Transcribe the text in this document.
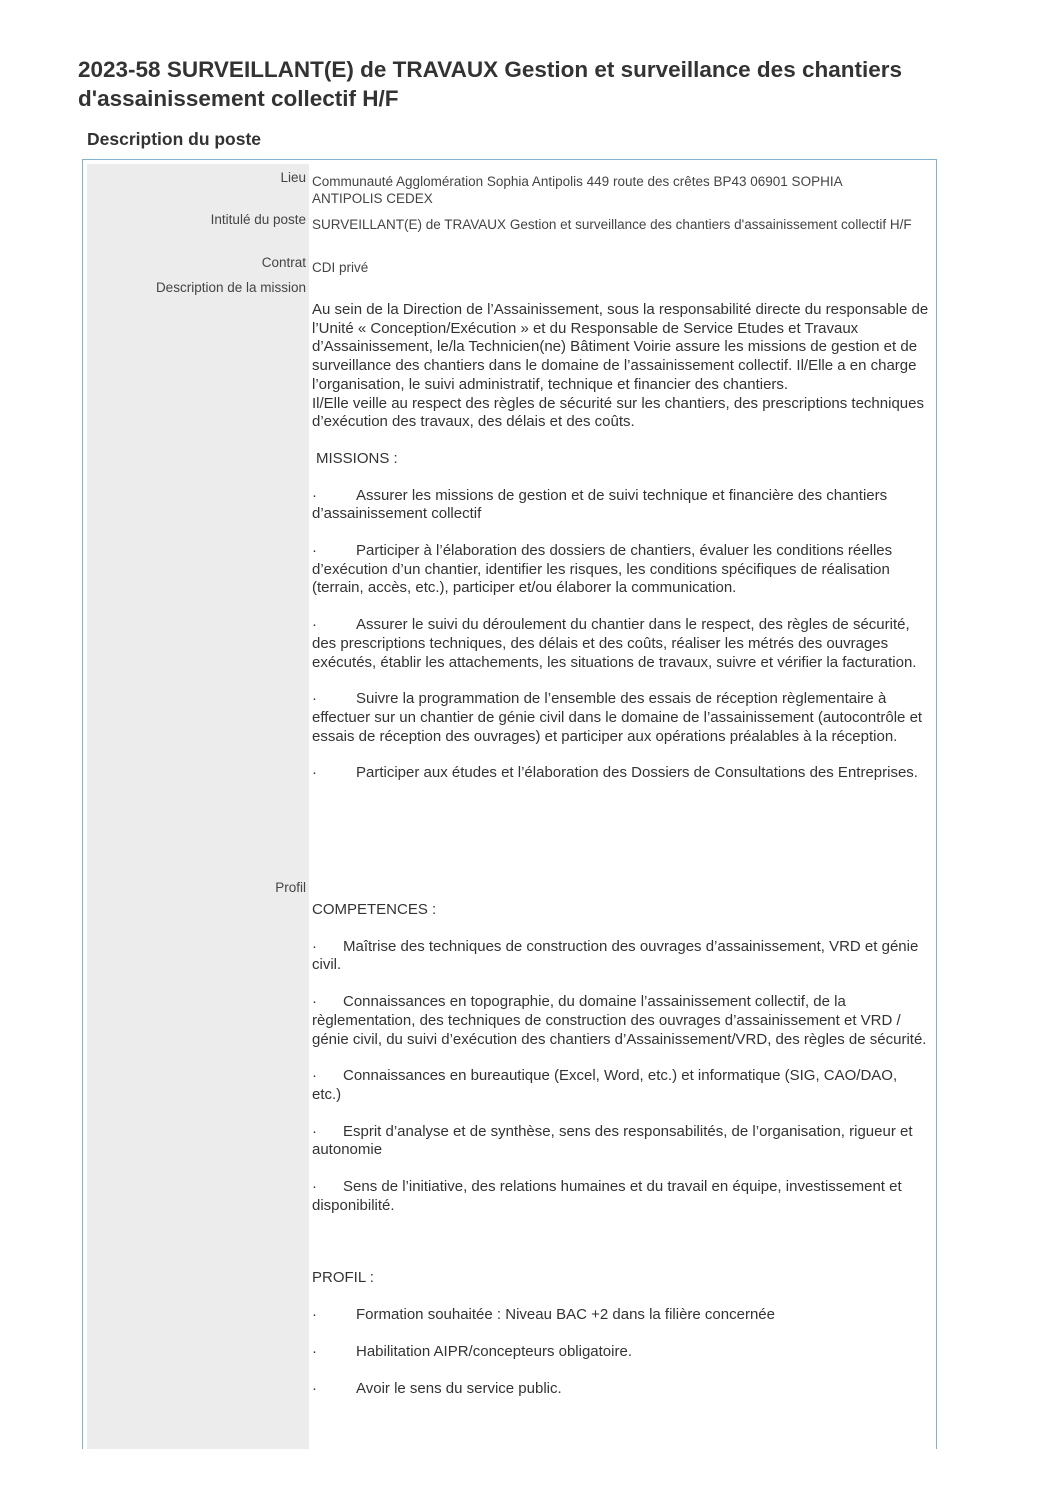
2023-58 SURVEILLANT(E) de TRAVAUX Gestion et surveillance des chantiers d'assainissement collectif H/F
Description du poste
Lieu Communauté Agglomération Sophia Antipolis 449 route des crêtes BP43 06901 SOPHIA ANTIPOLIS CEDEX
Intitulé du poste SURVEILLANT(E) de TRAVAUX Gestion et surveillance des chantiers d'assainissement collectif H/F
Contrat CDI privé
Description de la mission
Au sein de la Direction de l’Assainissement, sous la responsabilité directe du responsable de l’Unité « Conception/Exécution » et du Responsable de Service Etudes et Travaux d’Assainissement, le/la Technicien(ne) Bâtiment Voirie assure les missions de gestion et de surveillance des chantiers dans le domaine de l’assainissement collectif. Il/Elle a en charge l’organisation, le suivi administratif, technique et financier des chantiers.

Il/Elle veille au respect des règles de sécurité sur les chantiers, des prescriptions techniques d’exécution des travaux, des délais et des coûts.

MISSIONS :

·	Assurer les missions de gestion et de suivi technique et financière des chantiers d’assainissement collectif
·	Participer à l’élaboration des dossiers de chantiers, évaluer les conditions réelles d’exécution d’un chantier, identifier les risques, les conditions spécifiques de réalisation (terrain, accès, etc.), participer et/ou élaborer la communication.
·	Assurer le suivi du déroulement du chantier dans le respect, des règles de sécurité, des prescriptions techniques, des délais et des coûts, réaliser les métrés des ouvrages exécutés, établir les attachements, les situations de travaux, suivre et vérifier la facturation.
·	Suivre la programmation de l’ensemble des essais de réception règlementaire à effectuer sur un chantier de génie civil dans le domaine de l’assainissement (autocontrôle et essais de réception des ouvrages) et participer aux opérations préalables à la réception.
·	Participer aux études et l’élaboration des Dossiers de Consultations des Entreprises.
Profil

COMPETENCES :

· Maîtrise des techniques de construction des ouvrages d’assainissement, VRD et génie civil.
· Connaissances en topographie, du domaine l’assainissement collectif, de la règlementation, des techniques de construction des ouvrages d’assainissement et VRD / génie civil, du suivi d’exécution des chantiers d’Assainissement/VRD, des règles de sécurité.
· Connaissances en bureautique (Excel, Word, etc.) et informatique (SIG, CAO/DAO, etc.)
· Esprit d’analyse et de synthèse, sens des responsabilités, de l’organisation, rigueur et autonomie
· Sens de l’initiative, des relations humaines et du travail en équipe, investissement et disponibilité.

PROFIL :

·	Formation souhaitée : Niveau BAC +2 dans la filière concernée
·	Habilitation AIPR/concepteurs obligatoire.
·	Avoir le sens du service public.
